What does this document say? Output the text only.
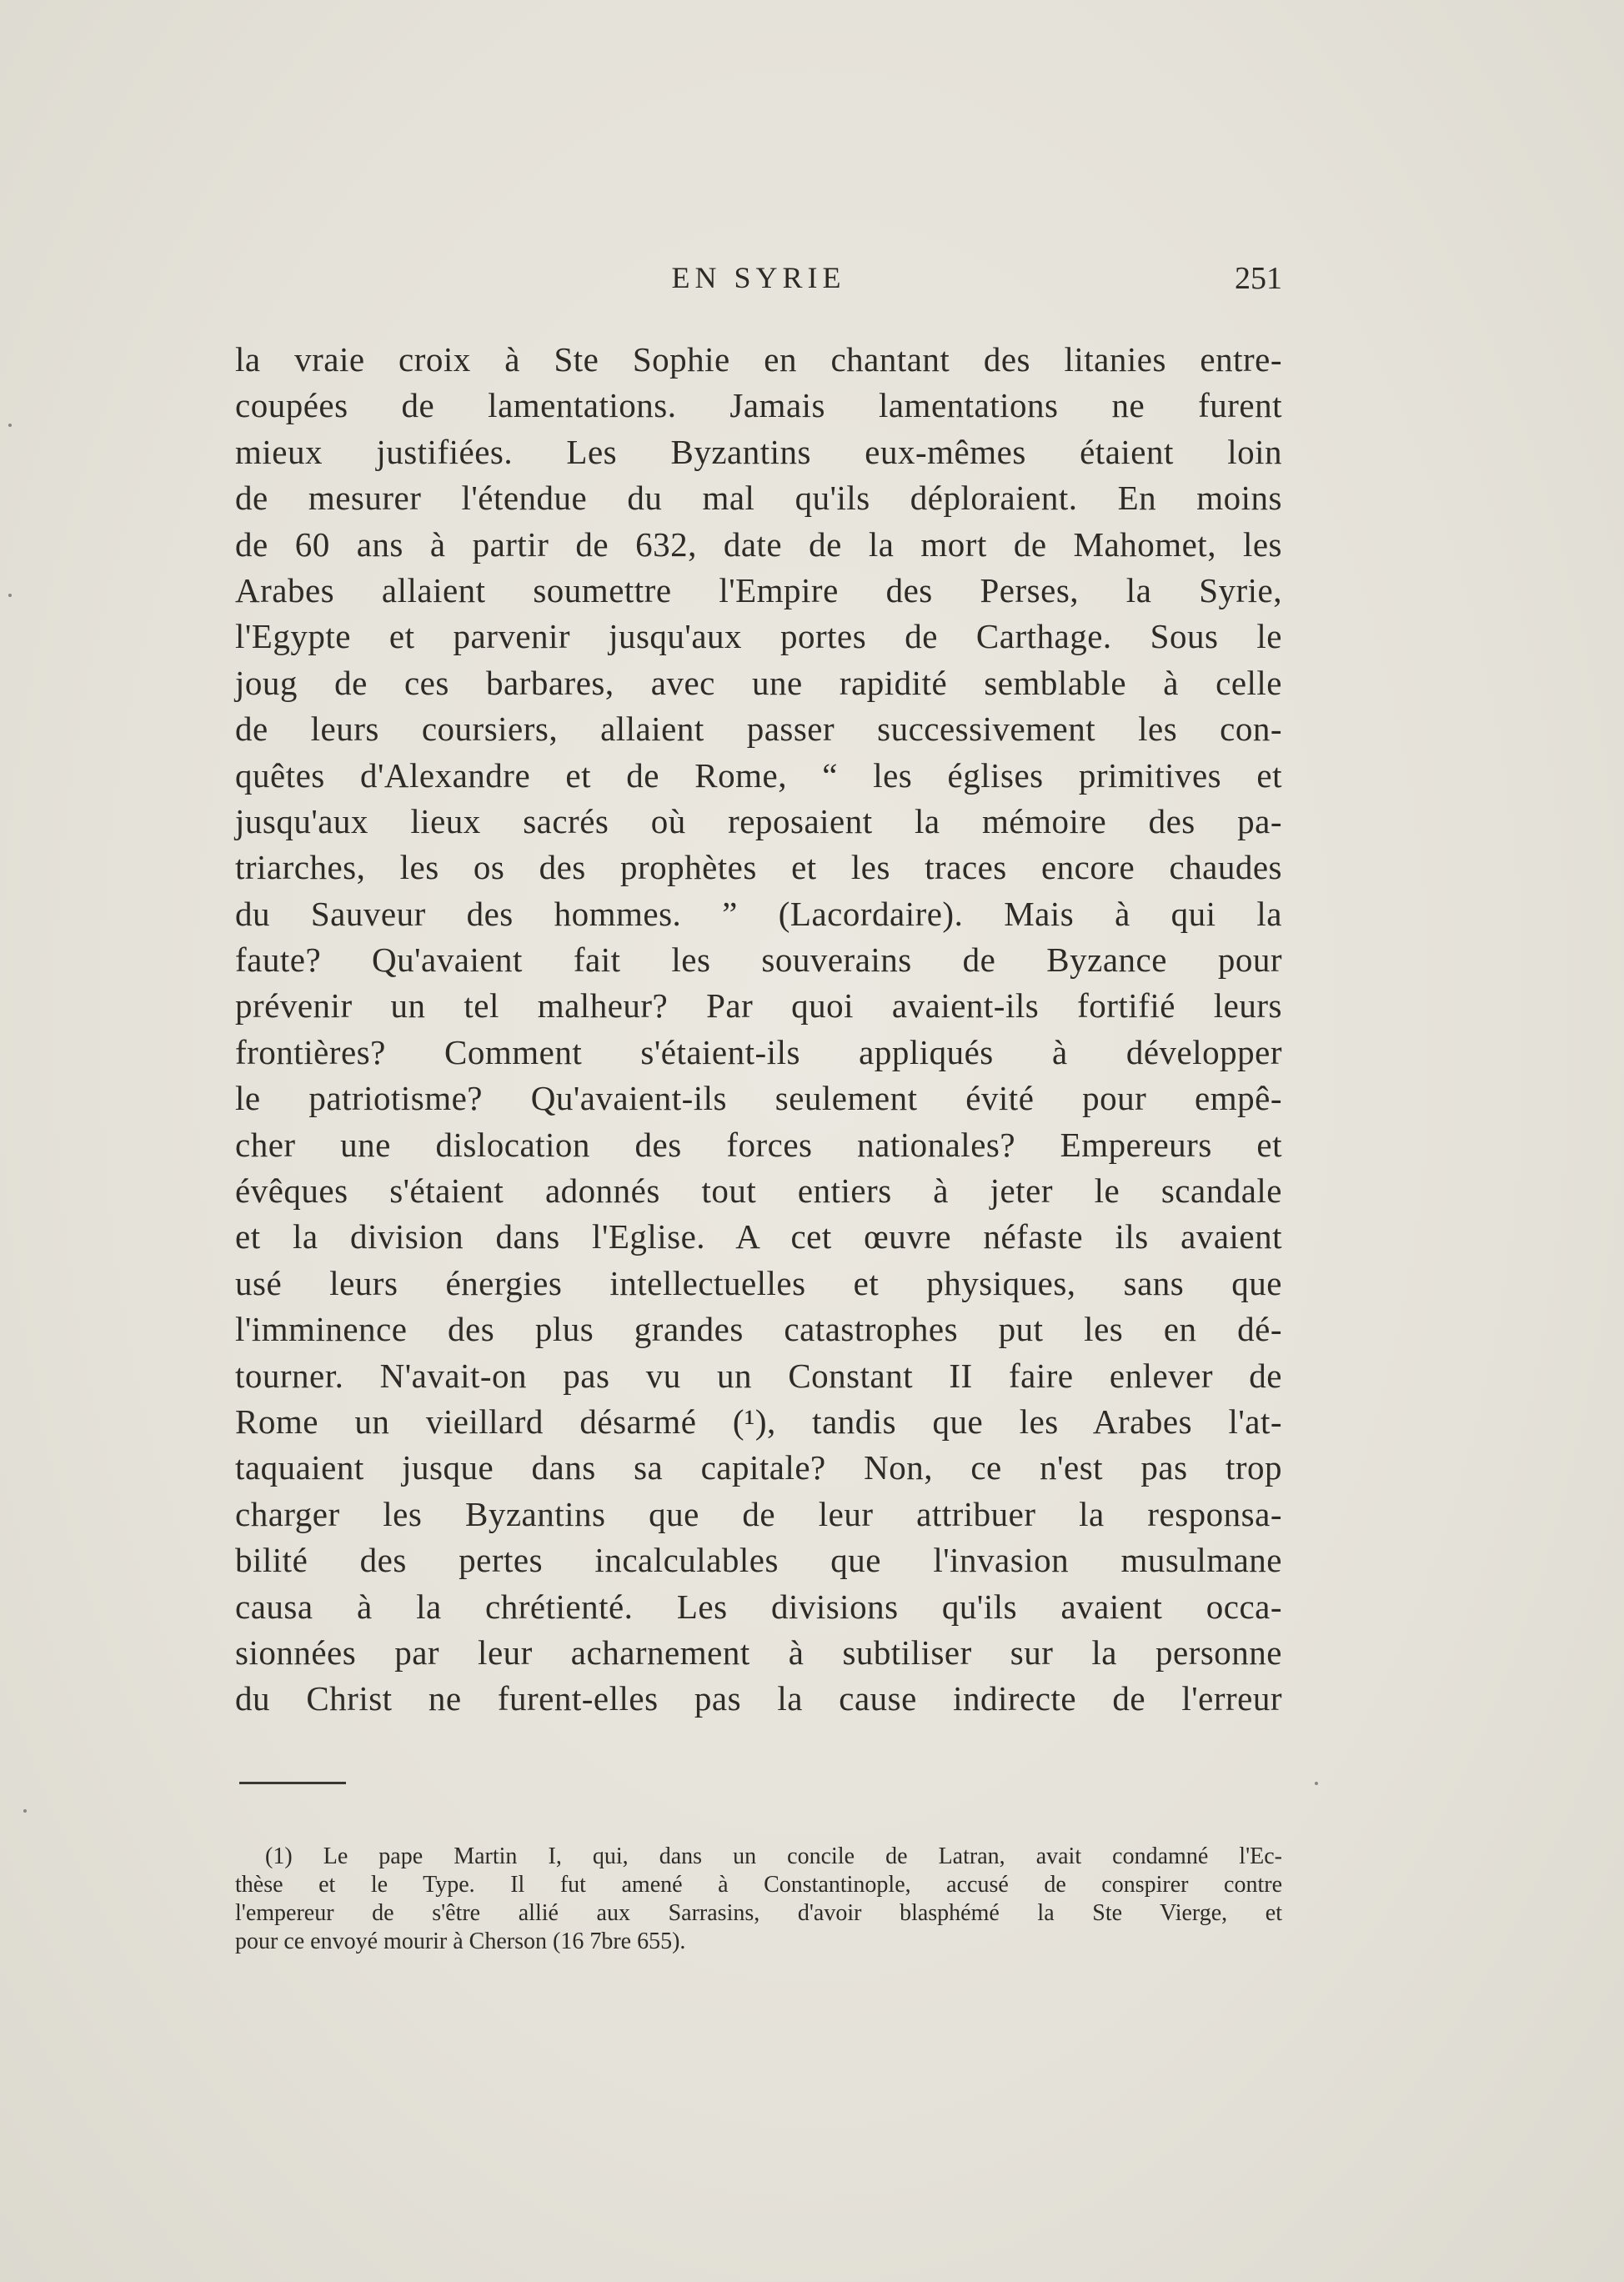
EN SYRIE	251
la vraie croix à Ste Sophie en chantant des litanies entre-
coupées de lamentations. Jamais lamentations ne furent
mieux justifiées. Les Byzantins eux-mêmes étaient loin
de mesurer l'étendue du mal qu'ils déploraient. En moins
de 60 ans à partir de 632, date de la mort de Mahomet, les
Arabes allaient soumettre l'Empire des Perses, la Syrie,
l'Egypte et parvenir jusqu'aux portes de Carthage. Sous le
joug de ces barbares, avec une rapidité semblable à celle
de leurs coursiers, allaient passer successivement les con-
quêtes d'Alexandre et de Rome, “ les églises primitives et
jusqu'aux lieux sacrés où reposaient la mémoire des pa-
triarches, les os des prophètes et les traces encore chaudes
du Sauveur des hommes. ” (Lacordaire). Mais à qui la
faute? Qu'avaient fait les souverains de Byzance pour
prévenir un tel malheur? Par quoi avaient-ils fortifié leurs
frontières? Comment s'étaient-ils appliqués à développer
le patriotisme? Qu'avaient-ils seulement évité pour empê-
cher une dislocation des forces nationales? Empereurs et
évêques s'étaient adonnés tout entiers à jeter le scandale
et la division dans l'Eglise. A cet œuvre néfaste ils avaient
usé leurs énergies intellectuelles et physiques, sans que
l'imminence des plus grandes catastrophes put les en dé-
tourner. N'avait-on pas vu un Constant II faire enlever de
Rome un vieillard désarmé (¹), tandis que les Arabes l'at-
taquaient jusque dans sa capitale? Non, ce n'est pas trop
charger les Byzantins que de leur attribuer la responsa-
bilité des pertes incalculables que l'invasion musulmane
causa à la chrétienté. Les divisions qu'ils avaient occa-
sionnées par leur acharnement à subtiliser sur la personne
du Christ ne furent-elles pas la cause indirecte de l'erreur
(1) Le pape Martin I, qui, dans un concile de Latran, avait condamné l'Ec-
thèse et le Type. Il fut amené à Constantinople, accusé de conspirer contre
l'empereur de s'être allié aux Sarrasins, d'avoir blasphémé la Ste Vierge, et
pour ce envoyé mourir à Cherson (16 7bre 655).
